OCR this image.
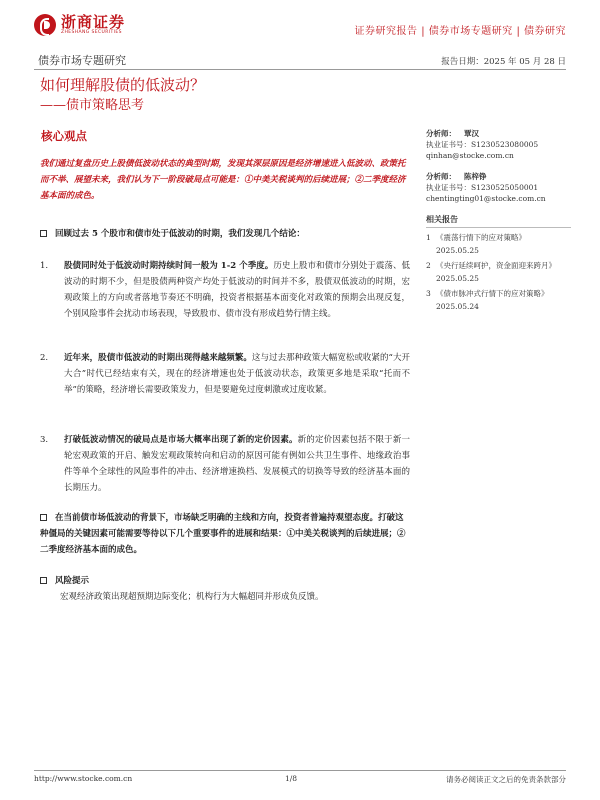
浙商证券
ZHESHANG SECURITIES	证券研究报告 | 债券市场专题研究 | 债券研究
债券市场专题研究	报告日期：2025 年 05 月 28 日
如何理解股债的低波动？
——债市策略思考
核心观点
我们通过复盘历史上股债低波动状态的典型时期，发现其深层原因是经济增速进入低波动、政策托而不举、展望未来，我们认为下一阶段破局点可能是：①中美关税谈判的后续进展；②二季度经济基本面的成色。
回顾过去 5 个股市和债市处于低波动的时期，我们发现几个结论：
1.	股债同时处于低波动时期持续时间一般为 1-2 个季度。历史上股市和债市分别处于震荡、低波动的时期不少，但是股债两种资产均处于低波动的时间并不多，股债双低波动的时期，宏观政策上的方向或者落地节奏还不明确，投资者根据基本面变化对政策的预期会出现反复，个别风险事件会扰动市场表现，导致股市、债市没有形成趋势行情主线。
2.	近年来，股债市低波动的时期出现得越来越频繁。这与过去那种政策大幅宽松或收紧的“大开大合”时代已经结束有关，现在的经济增速也处于低波动状态，政策更多地是采取“托而不举”的策略，经济增长需要政策发力，但是要避免过度刺激或过度收紧。
3.	打破低波动情况的破局点是市场大概率出现了新的定价因素。新的定价因素包括不限于新一轮宏观政策的开启、触发宏观政策转向和启动的原因可能有例如公共卫生事件、地缘政治事件等单个全球性的风险事件的冲击、经济增速换档、发展模式的切换等导致的经济基本面的长期压力。
在当前债市场低波动的背景下，市场缺乏明确的主线和方向，投资者普遍持观望态度。打破这种僵局的关键因素可能需要等待以下几个重要事件的进展和结果：①中美关税谈判的后续进展；②二季度经济基本面的成色。
风险提示
宏观经济政策出现超预期边际变化；机构行为大幅超同并形成负反馈。
分析师： 覃汉
执业证书号：S1230523080005
qinhan@stocke.com.cn
分析师： 陈梓铮
执业证书号：S1230525050001
chentingting01@stocke.com.cn
相关报告
1 《震荡行情下的应对策略》
2025.05.25
2 《央行延续呵护，资金面迎来跨月》
2025.05.25
3 《债市脉冲式行情下的应对策略》
2025.05.24
http://www.stocke.com.cn	1/8	请务必阅读正文之后的免责条款部分
